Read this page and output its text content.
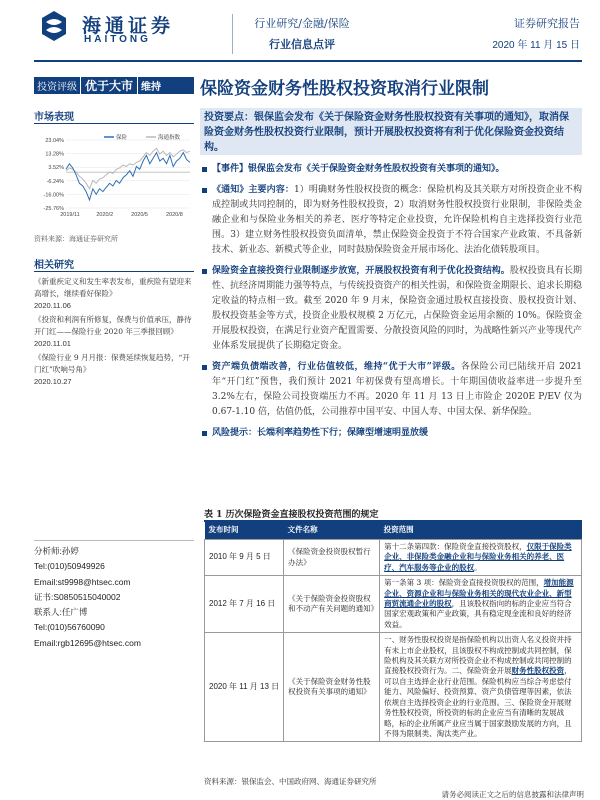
海通证券
HAITONG
行业研究/金融/保险
行业信息点评
证券研究报告
2020 年 11 月 15 日
投资评级 优于大市 维持 保险资金财务性股权投资取消行业限制
市场表现
23.04%
13.28%
3.52%
-6.24%
-16.00%
-25.76%
2019/11	2020/2	2020/5	2020/8
保险	海通指数
资料来源：海通证券研究所
相关研究
《新重疾定义和发生率表发布，重疾险有望迎来高增长，继续看好保险》
2020.11.06
《投资和利润有所修复，保费与价值承压，静待开门红——保险行业 2020 年三季报回顾》
2020.11.01
《保险行业 9 月月报：保费延续恢复趋势，“开门红”吹响号角》
2020.10.27
分析师:孙婷
Tel:(010)50949926
Email:st9998@htsec.com
证书:S0850515040002
联系人:任广博
Tel:(010)56760090
Email:rgb12695@htsec.com
投资要点：银保监会发布《关于保险资金财务性股权投资有关事项的通知》，取消保险资金财务性股权投资行业限制，预计开展股权投资将有利于优化保险资金投资结构。
【事件】银保监会发布《关于保险资金财务性股权投资有关事项的通知》。
《通知》主要内容：1）明确财务性股权投资的概念：保险机构及其关联方对所投资企业不构成控制或共同控制的，即为财务性股权投资，2）取消财务性股权投资行业限制，非保险类金融企业和与保险业务相关的养老、医疗等特定企业投资，允许保险机构自主选择投资行业范围。3）建立财务性股权投资负面清单，禁止保险资金投资于不符合国家产业政策、不具备新技术、新业态、新模式等企业，同时鼓励保险资金开展市场化、法治化债转股项目。
保险资金直接投资行业限制逐步放宽，开展股权投资有利于优化投资结构。股权投资具有长期性、抗经济周期能力强等特点，与传统投资资产的相关性弱，和保险资金期限长、追求长期稳定收益的特点相一致。截至 2020 年 9 月末，保险资金通过股权直接投资、股权投资计划、股权投资基金等方式，投资企业股权规模 2 万亿元，占保险资金运用余额的 10%。保险资金开展股权投资，在满足行业资产配置需要、分散投资风险的同时，为战略性新兴产业等现代产业体系发展提供了长期稳定资金。
资产端负债端改善，行业估值较低，维持“优于大市”评级。各保险公司已陆续开启 2021 年“开门红”预售，我们预计 2021 年初保费有望高增长。十年期国债收益率进一步提升至 3.2%左右，保险公司投资端压力不再。2020 年 11 月 13 日上市险企 2020E P/EV 仅为 0.67-1.10 倍，估值仍低，公司推荐中国平安、中国人寿、中国太保、新华保险。
风险提示：长端利率趋势性下行；保障型增速明显放缓
表 1 历次保险资金直接股权投资范围的规定
发布时间	文件名称	投资范围
2010 年 9 月 5 日	《保险资金投资股权暂行办法》	第十二条第四款：保险资金直接投资股权，仅限于保险类企业、非保险类金融企业和与保险业务相关的养老、医疗、汽车服务等企业的股权。
2012 年 7 月 16 日	《关于保险资金投资股权和不动产有关问题的通知》	第一条第 3 项：保险资金直接投资股权的范围，增加能源企业、资源企业和与保险业务相关的现代农业企业、新型商贸流通企业的股权，且该股权指向的标的企业应当符合国家宏观政策和产业政策，具有稳定现金流和良好的经济效益。
2020 年 11 月 13 日	《关于保险资金财务性股权投资有关事项的通知》	一、财务性股权投资是指保险机构以出资人名义投资并持有未上市企业股权，且该股权不构成控制或共同控制，保险机构及其关联方对所投资企业不构成控制或共同控制的直接股权投资行为。二、保险资金开展财务性股权投资，可以自主选择企业行业范围。保险机构应当综合考虑偿付能力、风险偏好、投资预算、资产负债管理等因素，依法依规自主选择投资企业的行业范围。三、保险资金开展财务性股权投资，所投资的标的企业应当有清晰的发展战略，标的企业所属产业应当属于国家鼓励发展的方向，且不得为限制类、淘汰类产业。
资料来源：银保监会、中国政府网、海通证券研究所
请务必阅读正文之后的信息披露和法律声明
